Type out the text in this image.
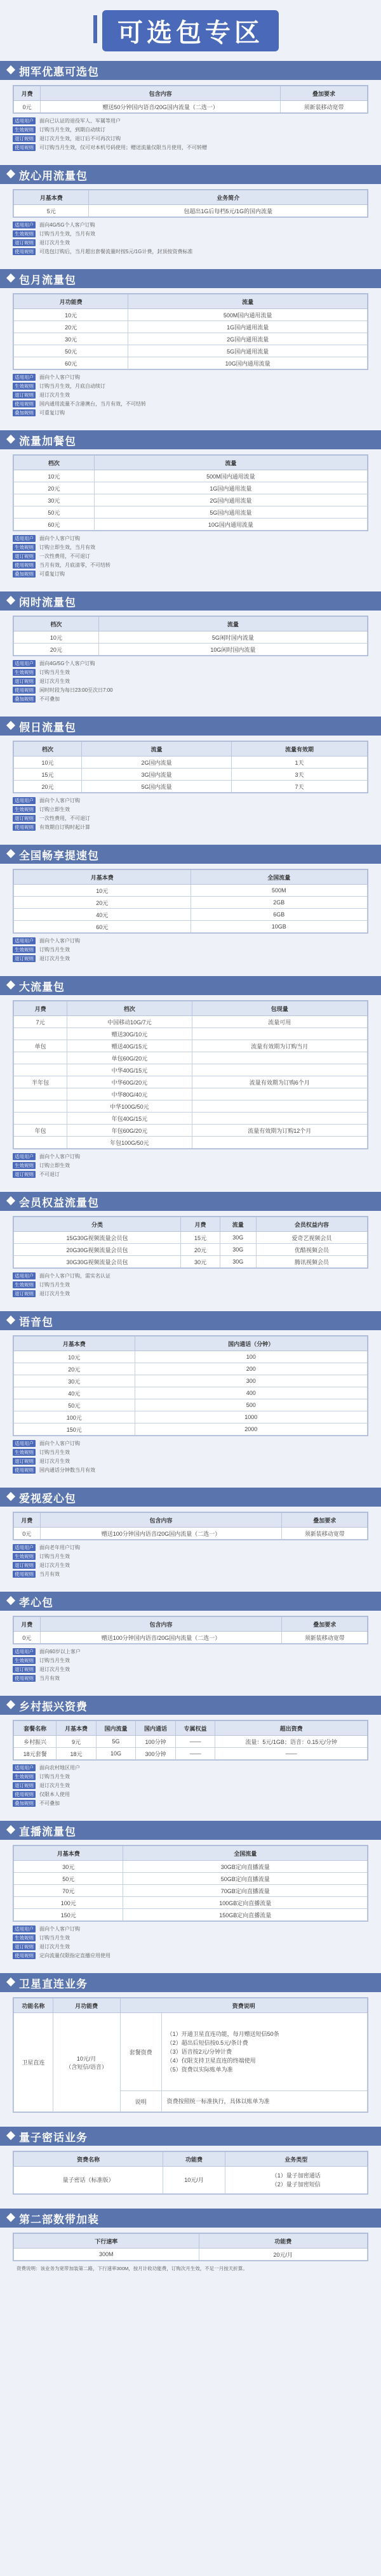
可选包专区
拥军优惠可选包
月费	包含内容	叠加要求
0元	赠送50分钟国内语音/20G国内流量（二选一）	须新装移动宽带
适用用户	面向已认证的退役军人、军属等用户
生效规则	订购当月生效，到期自动续订
退订规则	退订次月生效，退订后不可再次订购
使用规则	可订购当月生效，仅可对本机号码使用；赠送流量仅限当月使用，不可转赠
放心用流量包
月基本费	业务简介
5元	包超出1G后每档5元/1G的国内流量
适用用户	面向4G/5G个人客户订购
生效规则	订购当月生效，当月有效
退订规则	退订次月生效
使用规则	可选包订购后，当月超出套餐流量时按5元/1G计费，封顶按资费标准
包月流量包
月功能费	流量
10元	500M国内通用流量
20元	1G国内通用流量
30元	2G国内通用流量
50元	5G国内通用流量
60元	10G国内通用流量
适用用户	面向个人客户订购
生效规则	订购当月生效，月底自动续订
退订规则	退订次月生效
使用规则	国内通用流量不含港澳台，当月有效，不可结转
叠加规则	可重复订购
流量加餐包
档次	流量
10元	500M国内通用流量
20元	1G国内通用流量
30元	2G国内通用流量
50元	5G国内通用流量
60元	10G国内通用流量
适用用户	面向个人客户订购
生效规则	订购立即生效，当月有效
退订规则	一次性费用，不可退订
使用规则	当月有效，月底清零，不可结转
叠加规则	可重复订购
闲时流量包
档次	流量
10元	5G闲时国内流量
20元	10G闲时国内流量
适用用户	面向4G/5G个人客户订购
生效规则	订购当月生效
退订规则	退订次月生效
使用规则	闲时时段为每日23:00至次日7:00
叠加规则	不可叠加
假日流量包
档次	流量	流量有效期
10元	2G国内流量	1天
15元	3G国内流量	3天
20元	5G国内流量	7天
适用用户	面向个人客户订购
生效规则	订购立即生效
退订规则	一次性费用，不可退订
使用规则	有效期自订购时起计算
全国畅享提速包
月基本费	全国流量
10元	500M
20元	2GB
40元	6GB
60元	10GB
适用用户	面向个人客户订购
生效规则	订购当月生效
退订规则	退订次月生效
大流量包
月费	档次	包现量
7元	中国移动10G/7元	流量可用
	赠送30G/10元	
单包	赠送40G/15元	流量有效期为订购当月
	单包60G/20元	
	中华40G/15元	
半年包	中华60G/20元	流量有效期为订购6个月
	中华80G/40元	
	中华100G/50元	
	年包40G/15元	
年包	年包60G/20元	流量有效期为订购12个月
	年包100G/50元	
适用用户	面向个人客户订购
生效规则	订购立即生效
退订规则	不可退订
会员权益流量包
分类	月费	流量	会员权益内容
15G30G视频流量会员包	15元	30G	爱奇艺视频会员
20G30G视频流量会员包	20元	30G	优酷视频会员
30G30G视频流量会员包	30元	30G	腾讯视频会员
适用用户	面向个人客户订购，需实名认证
生效规则	订购当月生效
退订规则	退订次月生效
语音包
月基本费	国内通话（分钟）
10元	100
20元	200
30元	300
40元	400
50元	500
100元	1000
150元	2000
适用用户	面向个人客户订购
生效规则	订购当月生效
退订规则	退订次月生效
使用规则	国内通话分钟数当月有效
爱视爱心包
月费	包含内容	叠加要求
0元	赠送100分钟国内语音/20G国内流量（二选一）	须新装移动宽带
适用用户	面向老年用户订购
生效规则	订购当月生效
退订规则	退订次月生效
使用规则	当月有效
孝心包
月费	包含内容	叠加要求
0元	赠送100分钟国内语音/20G国内流量（二选一）	须新装移动宽带
适用用户	面向60岁以上客户
生效规则	订购当月生效
退订规则	退订次月生效
使用规则	当月有效
乡村振兴资费
套餐名称	月基本费	国内流量	国内通话	专属权益	超出资费
乡村振兴	9元	5G	100分钟	——	流量：5元/1GB；语音：0.15元/分钟
18元套餐	18元	10G	300分钟	——	——
适用用户	面向农村地区用户
生效规则	订购当月生效
退订规则	退订次月生效
使用规则	仅限本人使用
叠加规则	不可叠加
直播流量包
月基本费	全国流量
30元	30GB定向直播流量
50元	50GB定向直播流量
70元	70GB定向直播流量
100元	100GB定向直播流量
150元	150GB定向直播流量
适用用户	面向个人客户订购
生效规则	订购当月生效
退订规则	退订次月生效
使用规则	定向流量仅限指定直播应用使用
卫星直连业务
功能名称	月功能费	资费说明
卫星直连	10元/月
（含短信/语音）	
套餐资费	（1）开通卫星直连功能，每月赠送短信50条
（2）超出后短信按0.5元/条计费
（3）语音按2元/分钟计费
（4）仅限支持卫星直连的终端使用
（5）资费以实际账单为准

说明	资费按照统一标准执行，具体以账单为准
量子密话业务
资费名称	功能费	业务类型
量子密话（标准版）	10元/月	（1）量子加密通话
（2）量子加密短信
第二部数带加装
下行速率	功能费
300M	20元/月
资费说明：该业务为宽带加装第二路，下行速率300M，按月计收功能费，订购次月生效，不足一月按天折算。
